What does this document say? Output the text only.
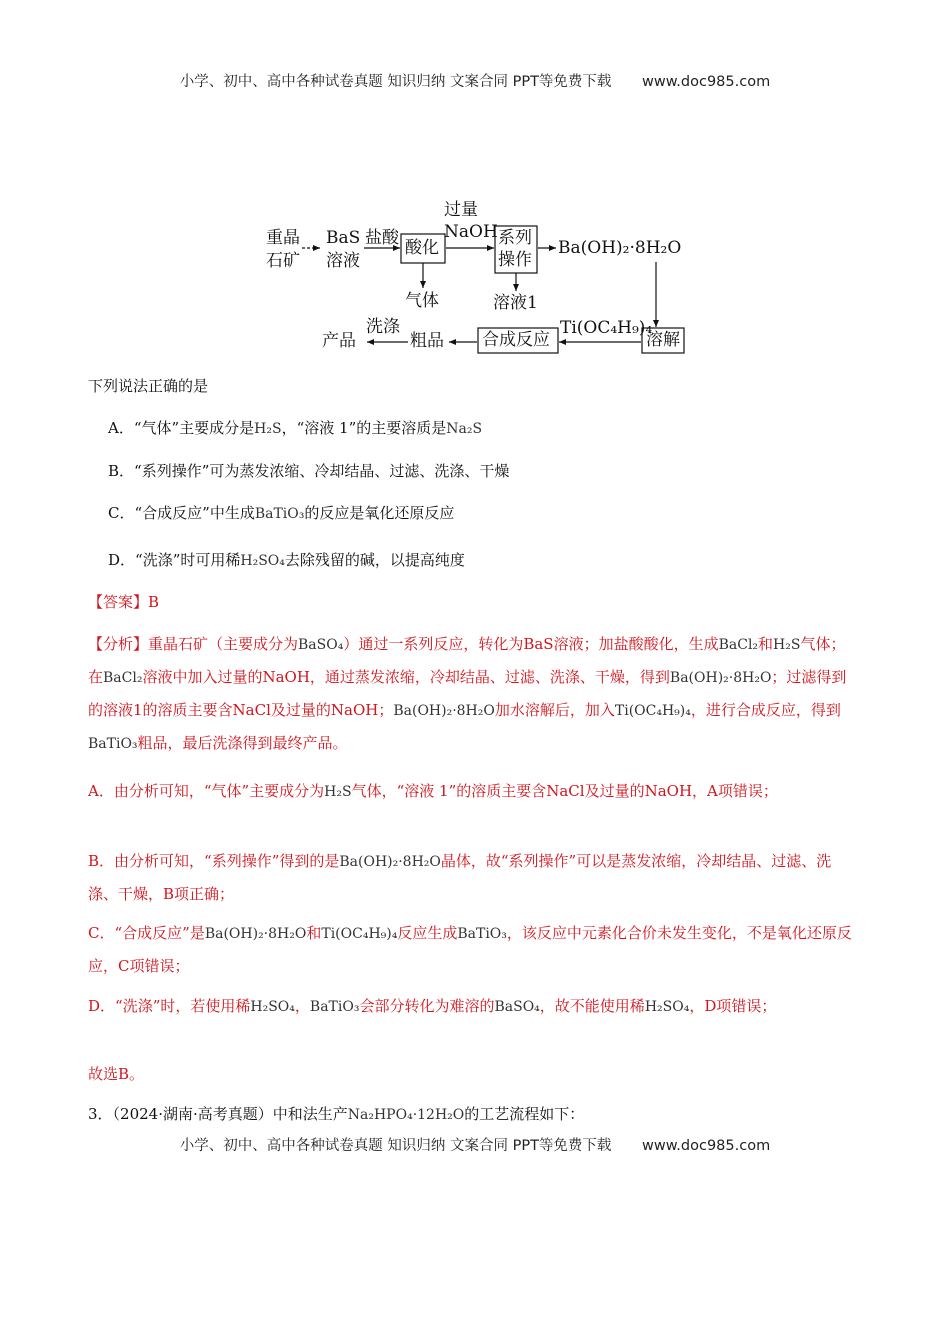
小学、初中、高中各种试卷真题 知识归纳 文案合同 PPT等免费下载 www.doc985.com
重晶
石矿
BaS
溶液
盐酸 酸化
过量
NaOH 系列
操作
Ba(OH)₂·8H₂O
气体	溶液1
Ti(OC₄H₉)₄
溶解
合成反应
粗品
洗涤
产品
下列说法正确的是
A．“气体”主要成分是H₂S，“溶液 1”的主要溶质是Na₂S
B．“系列操作”可为蒸发浓缩、冷却结晶、过滤、洗涤、干燥
C．“合成反应”中生成BaTiO₃的反应是氧化还原反应
D．“洗涤”时可用稀H₂SO₄去除残留的碱，以提高纯度
【答案】B
【分析】重晶石矿（主要成分为BaSO₄）通过一系列反应，转化为BaS溶液；加盐酸酸化，生成BaCl₂和H₂S气体；在BaCl₂溶液中加入过量的NaOH，通过蒸发浓缩，冷却结晶、过滤、洗涤、干燥，得到Ba(OH)₂·8H₂O；过滤得到的溶液1的溶质主要含NaCl及过量的NaOH；Ba(OH)₂·8H₂O加水溶解后，加入Ti(OC₄H₉)₄，进行合成反应，得到BaTiO₃粗品，最后洗涤得到最终产品。
A．由分析可知，“气体”主要成分为H₂S气体，“溶液 1”的溶质主要含NaCl及过量的NaOH，A项错误；
B．由分析可知，“系列操作”得到的是Ba(OH)₂·8H₂O晶体，故“系列操作”可以是蒸发浓缩，冷却结晶、过滤、洗涤、干燥，B项正确；
C．“合成反应”是Ba(OH)₂·8H₂O和Ti(OC₄H₉)₄反应生成BaTiO₃，该反应中元素化合价未发生变化，不是氧化还原反应，C项错误；
D．“洗涤”时，若使用稀H₂SO₄，BaTiO₃会部分转化为难溶的BaSO₄，故不能使用稀H₂SO₄，D项错误；
故选B。
3．（2024·湖南·高考真题）中和法生产Na₂HPO₄·12H₂O的工艺流程如下：
小学、初中、高中各种试卷真题 知识归纳 文案合同 PPT等免费下载 www.doc985.com
